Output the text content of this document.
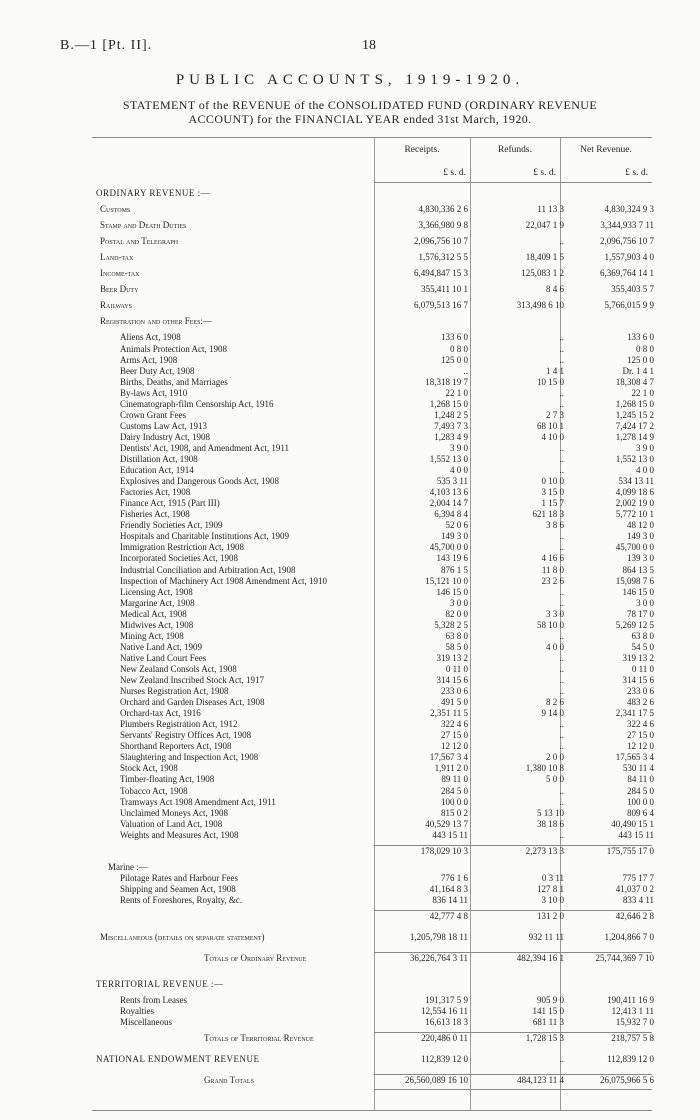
B.—1 [Pt. II].	18
PUBLIC ACCOUNTS, 1919-1920.
STATEMENT of the REVENUE of the CONSOLIDATED FUND (ORDINARY REVENUE ACCOUNT) for the FINANCIAL YEAR ended 31st March, 1920.
Receipts.	Refunds.	Net Revenue.
£ s. d.	£ s. d.	£ s. d.
ORDINARY REVENUE :—
Customs	4,830,336 2 6	11 13 3	4,830,324 9 3
Stamp and Death Duties	3,366,980 9 8	22,047 1 9	3,344,933 7 11
Postal and Telegraph	2,096,756 10 7	..	2,096,756 10 7
Land-tax	1,576,312 5 5	18,409 1 5	1,557,903 4 0
Income-tax	6,494,847 15 3	125,083 1 2	6,369,764 14 1
Beer Duty	355,411 10 1	8 4 6	355,403 5 7
Railways	6,079,513 16 7	313,498 6 10	5,766,015 9 9
Registration and other Fees:—
Aliens Act, 1908	133 6 0	..	133 6 0
Animals Protection Act, 1908	0 8 0	..	0 8 0
Arms Act, 1908	125 0 0	..	125 0 0
Beer Duty Act, 1908	..	1 4 1	Dr. 1 4 1
Births, Deaths, and Marriages	18,318 19 7	10 15 0	18,308 4 7
By-laws Act, 1910	22 1 0	..	22 1 0
Cinematograph-film Censorship Act, 1916	1,268 15 0	..	1,268 15 0
Crown Grant Fees	1,248 2 5	2 7 3	1,245 15 2
Customs Law Act, 1913	7,493 7 3	68 10 1	7,424 17 2
Dairy Industry Act, 1908	1,283 4 9	4 10 0	1,278 14 9
Dentists' Act, 1908, and Amendment Act, 1911	3 9 0	..	3 9 0
Distillation Act, 1908	1,552 13 0	..	1,552 13 0
Education Act, 1914	4 0 0	..	4 0 0
Explosives and Dangerous Goods Act, 1908	535 3 11	0 10 0	534 13 11
Factories Act, 1908	4,103 13 6	3 15 0	4,099 18 6
Finance Act, 1915 (Part III)	2,004 14 7	1 15 7	2,002 19 0
Fisheries Act, 1908	6,394 8 4	621 18 3	5,772 10 1
Friendly Societies Act, 1909	52 0 6	3 8 6	48 12 0
Hospitals and Charitable Institutions Act, 1909	149 3 0	..	149 3 0
Immigration Restriction Act, 1908	45,700 0 0	..	45,700 0 0
Incorporated Societies Act, 1908	143 19 6	4 16 6	139 3 0
Industrial Conciliation and Arbitration Act, 1908	876 1 5	11 8 0	864 13 5
Inspection of Machinery Act 1908 Amendment Act, 1910	15,121 10 0	23 2 6	15,098 7 6
Licensing Act, 1908	146 15 0	..	146 15 0
Margarine Act, 1908	3 0 0	..	3 0 0
Medical Act, 1908	82 0 0	3 3 0	78 17 0
Midwives Act, 1908	5,328 2 5	58 10 0	5,269 12 5
Mining Act, 1908	63 8 0	..	63 8 0
Native Land Act, 1909	58 5 0	4 0 0	54 5 0
Native Land Court Fees	319 13 2	..	319 13 2
New Zealand Consols Act, 1908	0 11 0	..	0 11 0
New Zealand Inscribed Stock Act, 1917	314 15 6	..	314 15 6
Nurses Registration Act, 1908	233 0 6	..	233 0 6
Orchard and Garden Diseases Act, 1908	491 5 0	8 2 6	483 2 6
Orchard-tax Act, 1916	2,351 11 5	9 14 0	2,341 17 5
Plumbers Registration Act, 1912	322 4 6	..	322 4 6
Servants' Registry Offices Act, 1908	27 15 0	..	27 15 0
Shorthand Reporters Act, 1908	12 12 0	..	12 12 0
Slaughtering and Inspection Act, 1908	17,567 3 4	2 0 0	17,565 3 4
Stock Act, 1908	1,911 2 0	1,380 10 8	530 11 4
Timber-floating Act, 1908	89 11 0	5 0 0	84 11 0
Tobacco Act, 1908	284 5 0	..	284 5 0
Tramways Act 1908 Amendment Act, 1911	100 0 0	..	100 0 0
Unclaimed Moneys Act, 1908	815 0 2	5 13 10	809 6 4
Valuation of Land Act, 1908	40,529 13 7	38 18 6	40,490 15 1
Weights and Measures Act, 1908	443 15 11	..	443 15 11
178,029 10 3	2,273 13 3	175,755 17 0
Marine :—
Pilotage Rates and Harbour Fees	776 1 6	0 3 11	775 17 7
Shipping and Seamen Act, 1908	41,164 8 3	127 8 1	41,037 0 2
Rents of Foreshores, Royalty, &c.	836 14 11	3 10 0	833 4 11
42,777 4 8	131 2 0	42,646 2 8
Miscellaneous (details on separate statement)	1,205,798 18 11	932 11 11	1,204,866 7 0
Totals of Ordinary Revenue	36,226,764 3 11	482,394 16 1	25,744,369 7 10
TERRITORIAL REVENUE :—
Rents from Leases	191,317 5 9	905 9 0	190,411 16 9
Royalties	12,554 16 11	141 15 0	12,413 1 11
Miscellaneous	16,613 18 3	681 11 3	15,932 7 0
Totals of Territorial Revenue	220,486 0 11	1,728 15 3	218,757 5 8
NATIONAL ENDOWMENT REVENUE	112,839 12 0	..	112,839 12 0
Grand Totals	26,560,089 16 10	484,123 11 4	26,075,966 5 6
